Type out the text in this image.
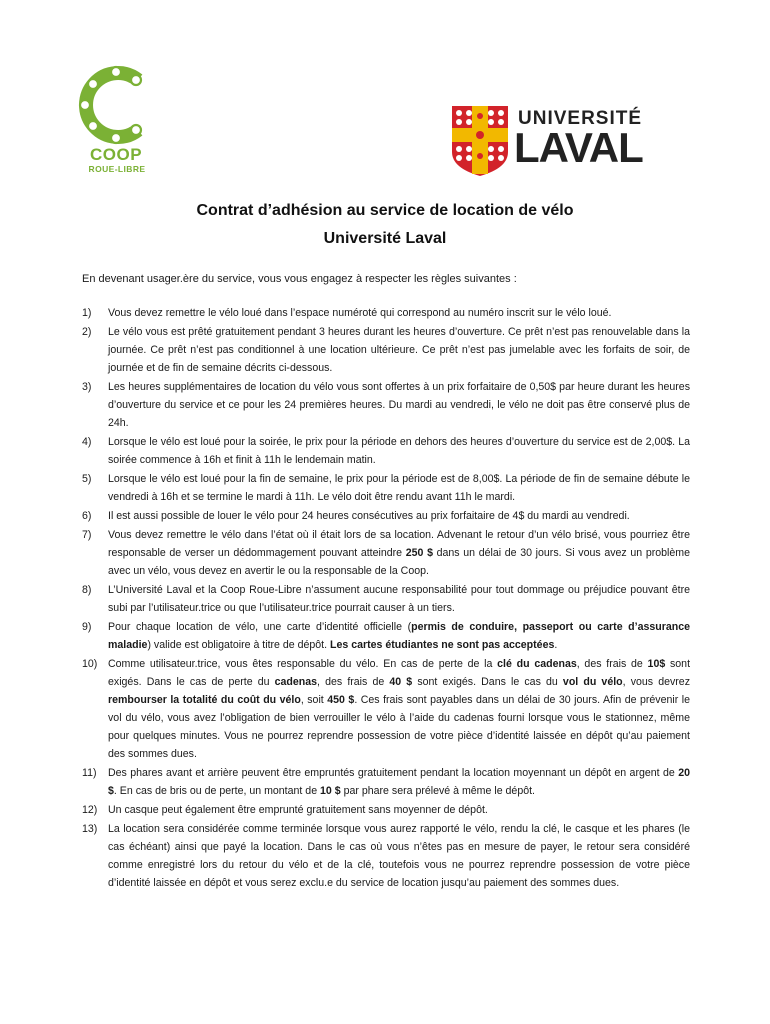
COOP
ROUE-LIBRE
UNIVERSITÉ
LAVAL
Contrat d’adhésion au service de location de vélo
Université Laval
En devenant usager.ère du service, vous vous engagez à respecter les règles suivantes :
1)	Vous devez remettre le vélo loué dans l’espace numéroté qui correspond au numéro inscrit sur le vélo loué.
2)	Le vélo vous est prêté gratuitement pendant 3 heures durant les heures d’ouverture. Ce prêt n’est pas renouvelable dans la journée. Ce prêt n’est pas conditionnel à une location ultérieure. Ce prêt n’est pas jumelable avec les forfaits de soir, de journée et de fin de semaine décrits ci-dessous.
3)	Les heures supplémentaires de location du vélo vous sont offertes à un prix forfaitaire de 0,50$ par heure durant les heures d’ouverture du service et ce pour les 24 premières heures. Du mardi au vendredi, le vélo ne doit pas être conservé plus de 24h.
4)	Lorsque le vélo est loué pour la soirée, le prix pour la période en dehors des heures d’ouverture du service est de 2,00$. La soirée commence à 16h et finit à 11h le lendemain matin.
5)	Lorsque le vélo est loué pour la fin de semaine, le prix pour la période est de 8,00$. La période de fin de semaine débute le vendredi à 16h et se termine le mardi à 11h. Le vélo doit être rendu avant 11h le mardi.
6)	Il est aussi possible de louer le vélo pour 24 heures consécutives au prix forfaitaire de 4$ du mardi au vendredi.
7)	Vous devez remettre le vélo dans l’état où il était lors de sa location. Advenant le retour d’un vélo brisé, vous pourriez être responsable de verser un dédommagement pouvant atteindre 250 $ dans un délai de 30 jours. Si vous avez un problème avec un vélo, vous devez en avertir le ou la responsable de la Coop.
8)	L’Université Laval et la Coop Roue-Libre n’assument aucune responsabilité pour tout dommage ou préjudice pouvant être subi par l’utilisateur.trice ou que l’utilisateur.trice pourrait causer à un tiers.
9)	Pour chaque location de vélo, une carte d’identité officielle (permis de conduire, passeport ou carte d’assurance maladie) valide est obligatoire à titre de dépôt. Les cartes étudiantes ne sont pas acceptées.
10)	Comme utilisateur.trice, vous êtes responsable du vélo. En cas de perte de la clé du cadenas, des frais de 10$ sont exigés. Dans le cas de perte du cadenas, des frais de 40 $ sont exigés. Dans le cas du vol du vélo, vous devrez rembourser la totalité du coût du vélo, soit 450 $. Ces frais sont payables dans un délai de 30 jours. Afin de prévenir le vol du vélo, vous avez l’obligation de bien verrouiller le vélo à l’aide du cadenas fourni lorsque vous le stationnez, même pour quelques minutes. Vous ne pourrez reprendre possession de votre pièce d’identité laissée en dépôt qu’au paiement des sommes dues.
11)	Des phares avant et arrière peuvent être empruntés gratuitement pendant la location moyennant un dépôt en argent de 20 $. En cas de bris ou de perte, un montant de 10 $ par phare sera prélevé à même le dépôt.
12)	Un casque peut également être emprunté gratuitement sans moyenner de dépôt.
13)	La location sera considérée comme terminée lorsque vous aurez rapporté le vélo, rendu la clé, le casque et les phares (le cas échéant) ainsi que payé la location. Dans le cas où vous n’êtes pas en mesure de payer, le retour sera considéré comme enregistré lors du retour du vélo et de la clé, toutefois vous ne pourrez reprendre possession de votre pièce d’identité laissée en dépôt et vous serez exclu.e du service de location jusqu’au paiement des sommes dues.
